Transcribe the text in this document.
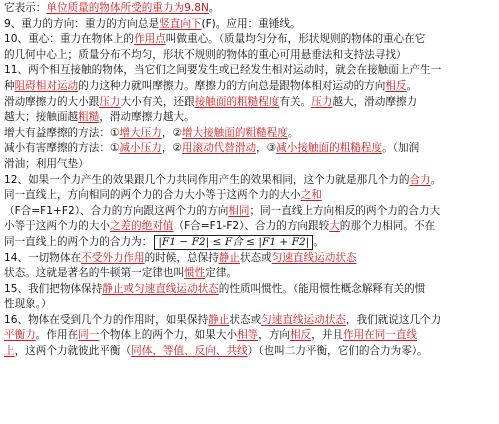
它表示：单位质量的物体所受的重力为9.8N。
9、重力的方向：重力的方向总是竖直向下(F)。应用：重锤线。
10、重心：重力在物体上的作用点叫做重心。（质量均匀分布，形状规则的物体的重心在它
的几何中心上；质量分布不均匀，形状不规则的物体的重心可用悬垂法和支持法寻找）
11、两个相互接触的物体，当它们之间要发生或已经发生相对运动时，就会在接触面上产生一
种阻碍相对运动的力这种力就叫摩擦力。摩擦力的方向总是跟物体相对运动的方向相反。
滑动摩擦力的大小跟压力大小有关，还跟接触面的粗糙程度有关。压力越大，滑动摩擦力
越大；接触面越粗糙，滑动摩擦力越大。
增大有益摩擦的方法：①增大压力，②增大接触面的粗糙程度。
减小有害摩擦的方法：①减小压力，②用滚动代替滑动，③减小接触面的粗糙程度。（加润
滑油；利用气垫）
12、如果一个力产生的效果跟几个力共同作用产生的效果相同，这个力就是那几个力的合力。
同一直线上，方向相同的两个力的合力大小等于这两个力的大小之和
（F合=F1+F2）、合力的方向跟这两个力的方向相同；同一直线上方向相反的两个力的合力大
小等于这两个力的大小之差的绝对值（F合=F1-F2）、合力的方向跟较大的那个力相同。不在
同一直线上的两个力的合力为： |F1 − F2| ≤ F合 ≤ |F1 + F2| 。
14、一切物体在不受外力作用的时候，总保持静止状态或匀速直线运动状态
状态。这就是著名的牛顿第一定律也叫惯性定律。
15、我们把物体保持静止或匀速直线运动状态的性质叫惯性。（能用惯性概念解释有关的惯
性现象。）
16、物体在受到几个力的作用时，如果保持静止状态或匀速直线运动状态，我们就说这几个力
平衡力。作用在同一个物体上的两个力，如果大小相等，方向相反，并且作用在同一直线
上，这两个力就彼此平衡（同体、等值、反向、共线）（也叫二力平衡，它们的合力为零）。
